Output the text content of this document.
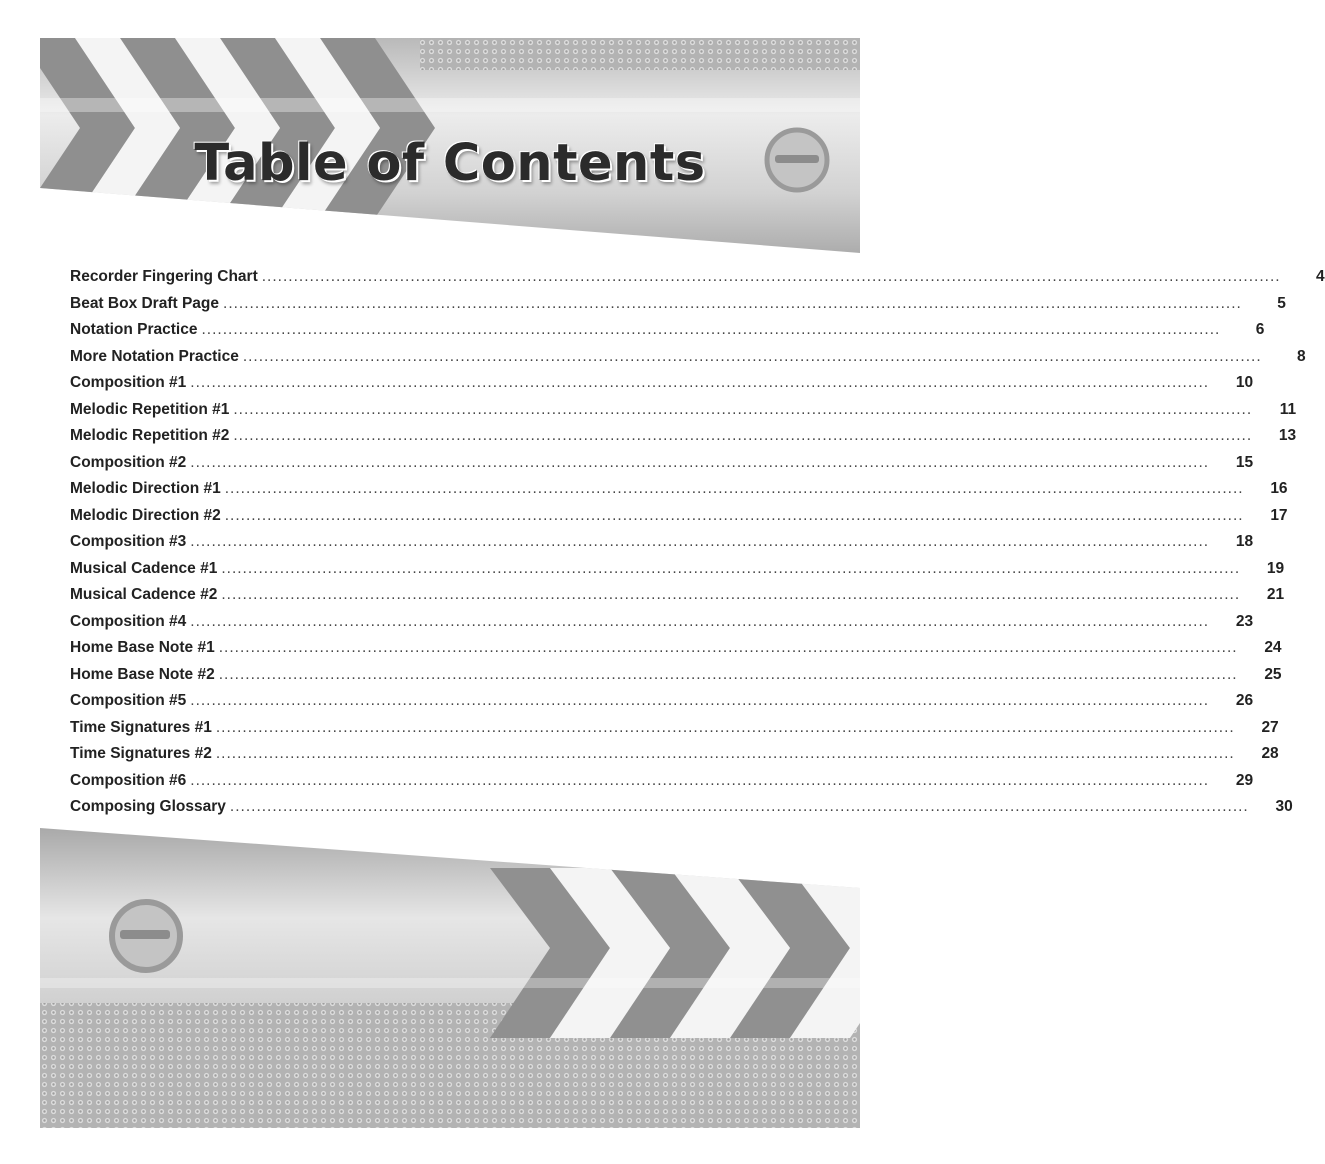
Table of Contents
Recorder Fingering Chart ................................................................................................................................................................................................	4
Beat Box Draft Page ................................................................................................................................................................................................	5
Notation Practice ................................................................................................................................................................................................	6
More Notation Practice ................................................................................................................................................................................................	8
Composition #1 ................................................................................................................................................................................................	10
Melodic Repetition #1 ................................................................................................................................................................................................	11
Melodic Repetition #2 ................................................................................................................................................................................................	13
Composition #2 ................................................................................................................................................................................................	15
Melodic Direction #1 ................................................................................................................................................................................................	16
Melodic Direction #2 ................................................................................................................................................................................................	17
Composition #3 ................................................................................................................................................................................................	18
Musical Cadence #1 ................................................................................................................................................................................................	19
Musical Cadence #2 ................................................................................................................................................................................................	21
Composition #4 ................................................................................................................................................................................................	23
Home Base Note #1 ................................................................................................................................................................................................	24
Home Base Note #2 ................................................................................................................................................................................................	25
Composition #5 ................................................................................................................................................................................................	26
Time Signatures #1 ................................................................................................................................................................................................	27
Time Signatures #2 ................................................................................................................................................................................................	28
Composition #6 ................................................................................................................................................................................................	29
Composing Glossary ................................................................................................................................................................................................	30
